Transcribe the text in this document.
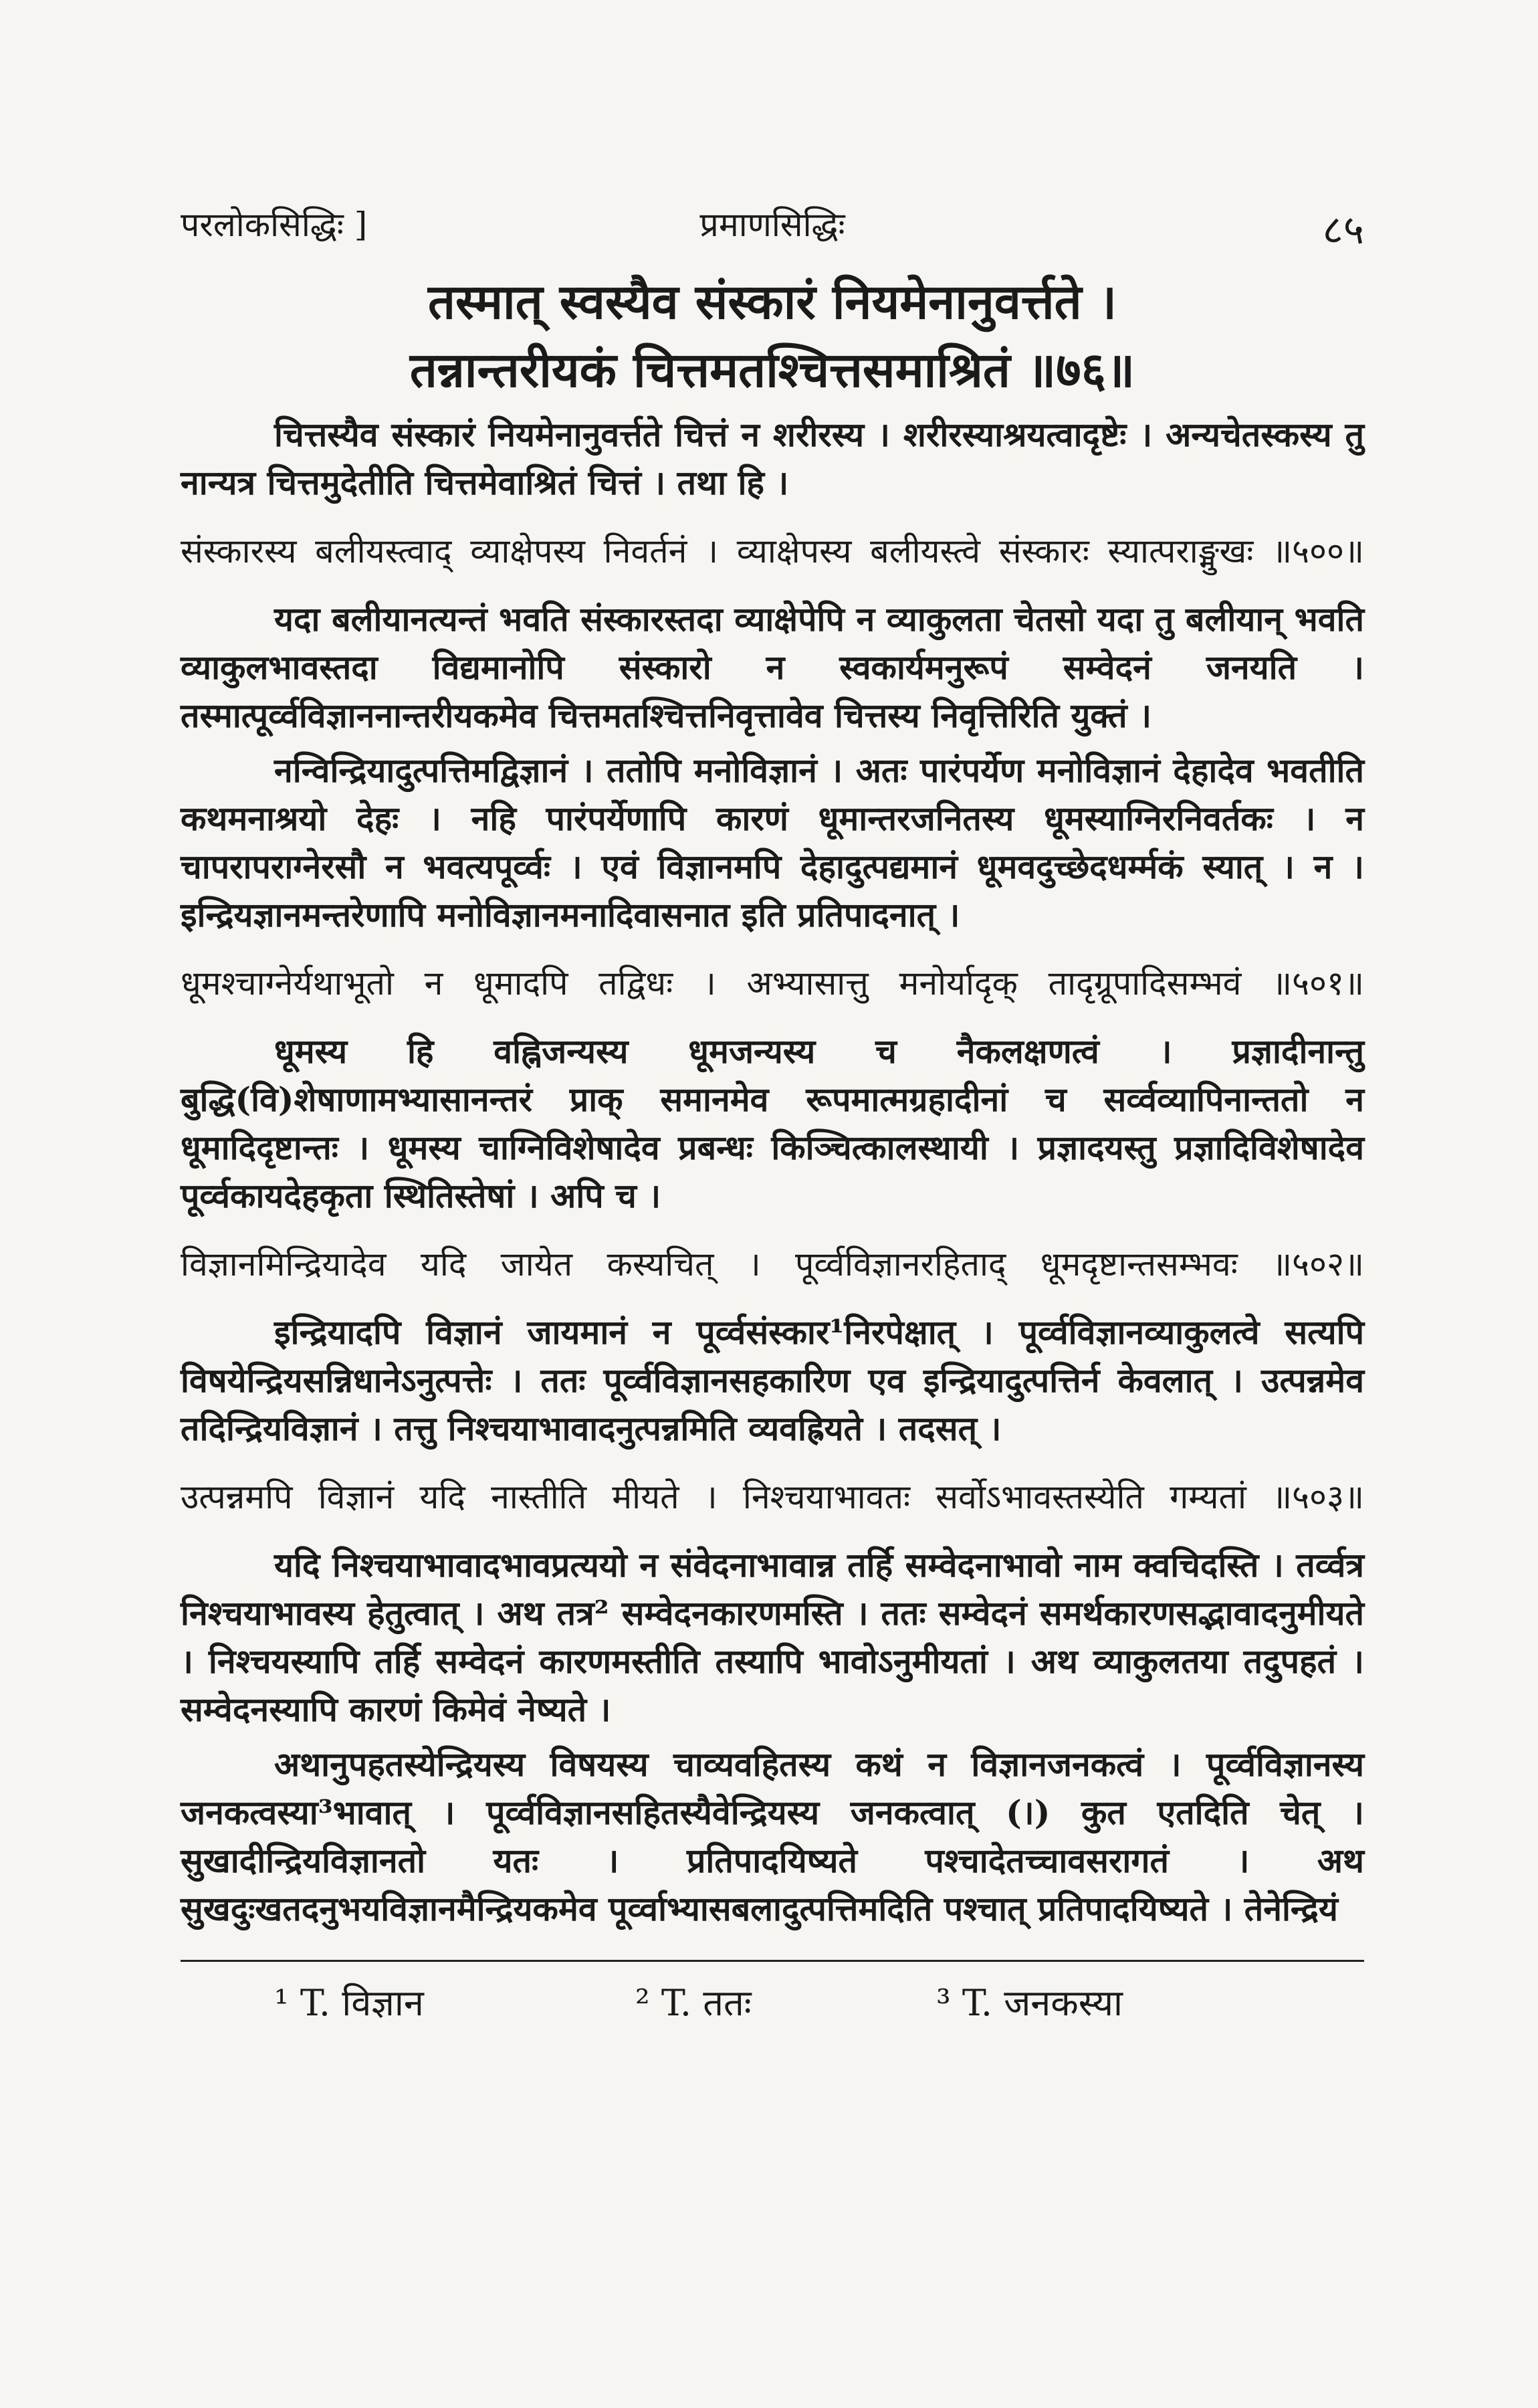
परलोकसिद्धिः ]	प्रमाणसिद्धिः	८५
तस्मात् स्वस्यैव संस्कारं नियमेनानुवर्त्तते ।
तन्नान्तरीयकं चित्तमतश्चित्तसमाश्रितं ॥७६॥

चित्तस्यैव संस्कारं नियमेनानुवर्त्तते चित्तं न शरीरस्य । शरीरस्याश्रयत्वादृष्टेः । अन्यचेतस्कस्य तु नान्यत्र चित्तमुदेतीति चित्तमेवाश्रितं चित्तं । तथा हि ।

संस्कारस्य बलीयस्त्वाद् व्याक्षेपस्य निवर्तनं । व्याक्षेपस्य बलीयस्त्वे संस्कारः स्यात्पराङ्मुखः ॥५००॥

यदा बलीयानत्यन्तं भवति संस्कारस्तदा व्याक्षेपेपि न व्याकुलता चेतसो यदा तु बलीयान् भवति व्याकुलभावस्तदा विद्यमानोपि संस्कारो न स्वकार्यमनुरूपं सम्वेदनं जनयति । तस्मात्पूर्व्वविज्ञाननान्तरीयकमेव चित्तमतश्चित्तनिवृत्तावेव चित्तस्य निवृत्तिरिति युक्तं ।

नन्विन्द्रियादुत्पत्तिमद्विज्ञानं । ततोपि मनोविज्ञानं । अतः पारंपर्येण मनोविज्ञानं देहादेव भवतीति कथमनाश्रयो देहः । नहि पारंपर्येणापि कारणं धूमान्तरजनितस्य धूमस्याग्निरनिवर्तकः । न चापरापराग्नेरसौ न भवत्यपूर्व्वः । एवं विज्ञानमपि देहादुत्पद्यमानं धूमवदुच्छेदधर्म्मकं स्यात् । न । इन्द्रियज्ञानमन्तरेणापि मनोविज्ञानमनादिवासनात इति प्रतिपादनात् ।

धूमश्चाग्नेर्यथाभूतो न धूमादपि तद्विधः । अभ्यासात्तु मनोर्यादृक् तादृग्रूपादिसम्भवं ॥५०१॥

धूमस्य हि वह्निजन्यस्य धूमजन्यस्य च नैकलक्षणत्वं । प्रज्ञादीनान्तु बुद्धि(वि)शेषाणामभ्यासानन्तरं प्राक् समानमेव रूपमात्मग्रहादीनां च सर्व्वव्यापिनान्ततो न धूमादिदृष्टान्तः । धूमस्य चाग्निविशेषादेव प्रबन्धः किञ्चित्कालस्थायी । प्रज्ञादयस्तु प्रज्ञादिविशेषादेव पूर्व्वकायदेहकृता स्थितिस्तेषां । अपि च ।

विज्ञानमिन्द्रियादेव यदि जायेत कस्यचित् । पूर्व्वविज्ञानरहिताद् धूमदृष्टान्तसम्भवः ॥५०२॥

इन्द्रियादपि विज्ञानं जायमानं न पूर्व्वसंस्कार¹निरपेक्षात् । पूर्व्वविज्ञानव्याकुलत्वे सत्यपि विषयेन्द्रियसन्निधानेऽनुत्पत्तेः । ततः पूर्व्वविज्ञानसहकारिण एव इन्द्रियादुत्पत्तिर्न केवलात् । उत्पन्नमेव तदिन्द्रियविज्ञानं । तत्तु निश्चयाभावादनुत्पन्नमिति व्यवह्रियते । तदसत् ।

उत्पन्नमपि विज्ञानं यदि नास्तीति मीयते । निश्चयाभावतः सर्वोऽभावस्तस्येति गम्यतां ॥५०३॥

यदि निश्चयाभावादभावप्रत्ययो न संवेदनाभावान्न तर्हि सम्वेदनाभावो नाम क्वचिदस्ति । तर्व्वत्र निश्चयाभावस्य हेतुत्वात् । अथ तत्र² सम्वेदनकारणमस्ति । ततः सम्वेदनं समर्थकारणसद्भावादनुमीयते । निश्चयस्यापि तर्हि सम्वेदनं कारणमस्तीति तस्यापि भावोऽनुमीयतां । अथ व्याकुलतया तदुपहतं । सम्वेदनस्यापि कारणं किमेवं नेष्यते ।

अथानुपहतस्येन्द्रियस्य विषयस्य चाव्यवहितस्य कथं न विज्ञानजनकत्वं । पूर्व्वविज्ञानस्य जनकत्वस्या³भावात् । पूर्व्वविज्ञानसहितस्यैवेन्द्रियस्य जनकत्वात् (।) कुत एतदिति चेत् । सुखादीन्द्रियविज्ञानतो यतः । प्रतिपादयिष्यते पश्चादेतच्चावसरागतं । अथ सुखदुःखतदनुभयविज्ञानमैन्द्रियकमेव पूर्व्वाभ्यासबलादुत्पत्तिमदिति पश्चात् प्रतिपादयिष्यते । तेनेन्द्रियं

¹ T. विज्ञान	² T. ततः	³ T. जनकस्या
